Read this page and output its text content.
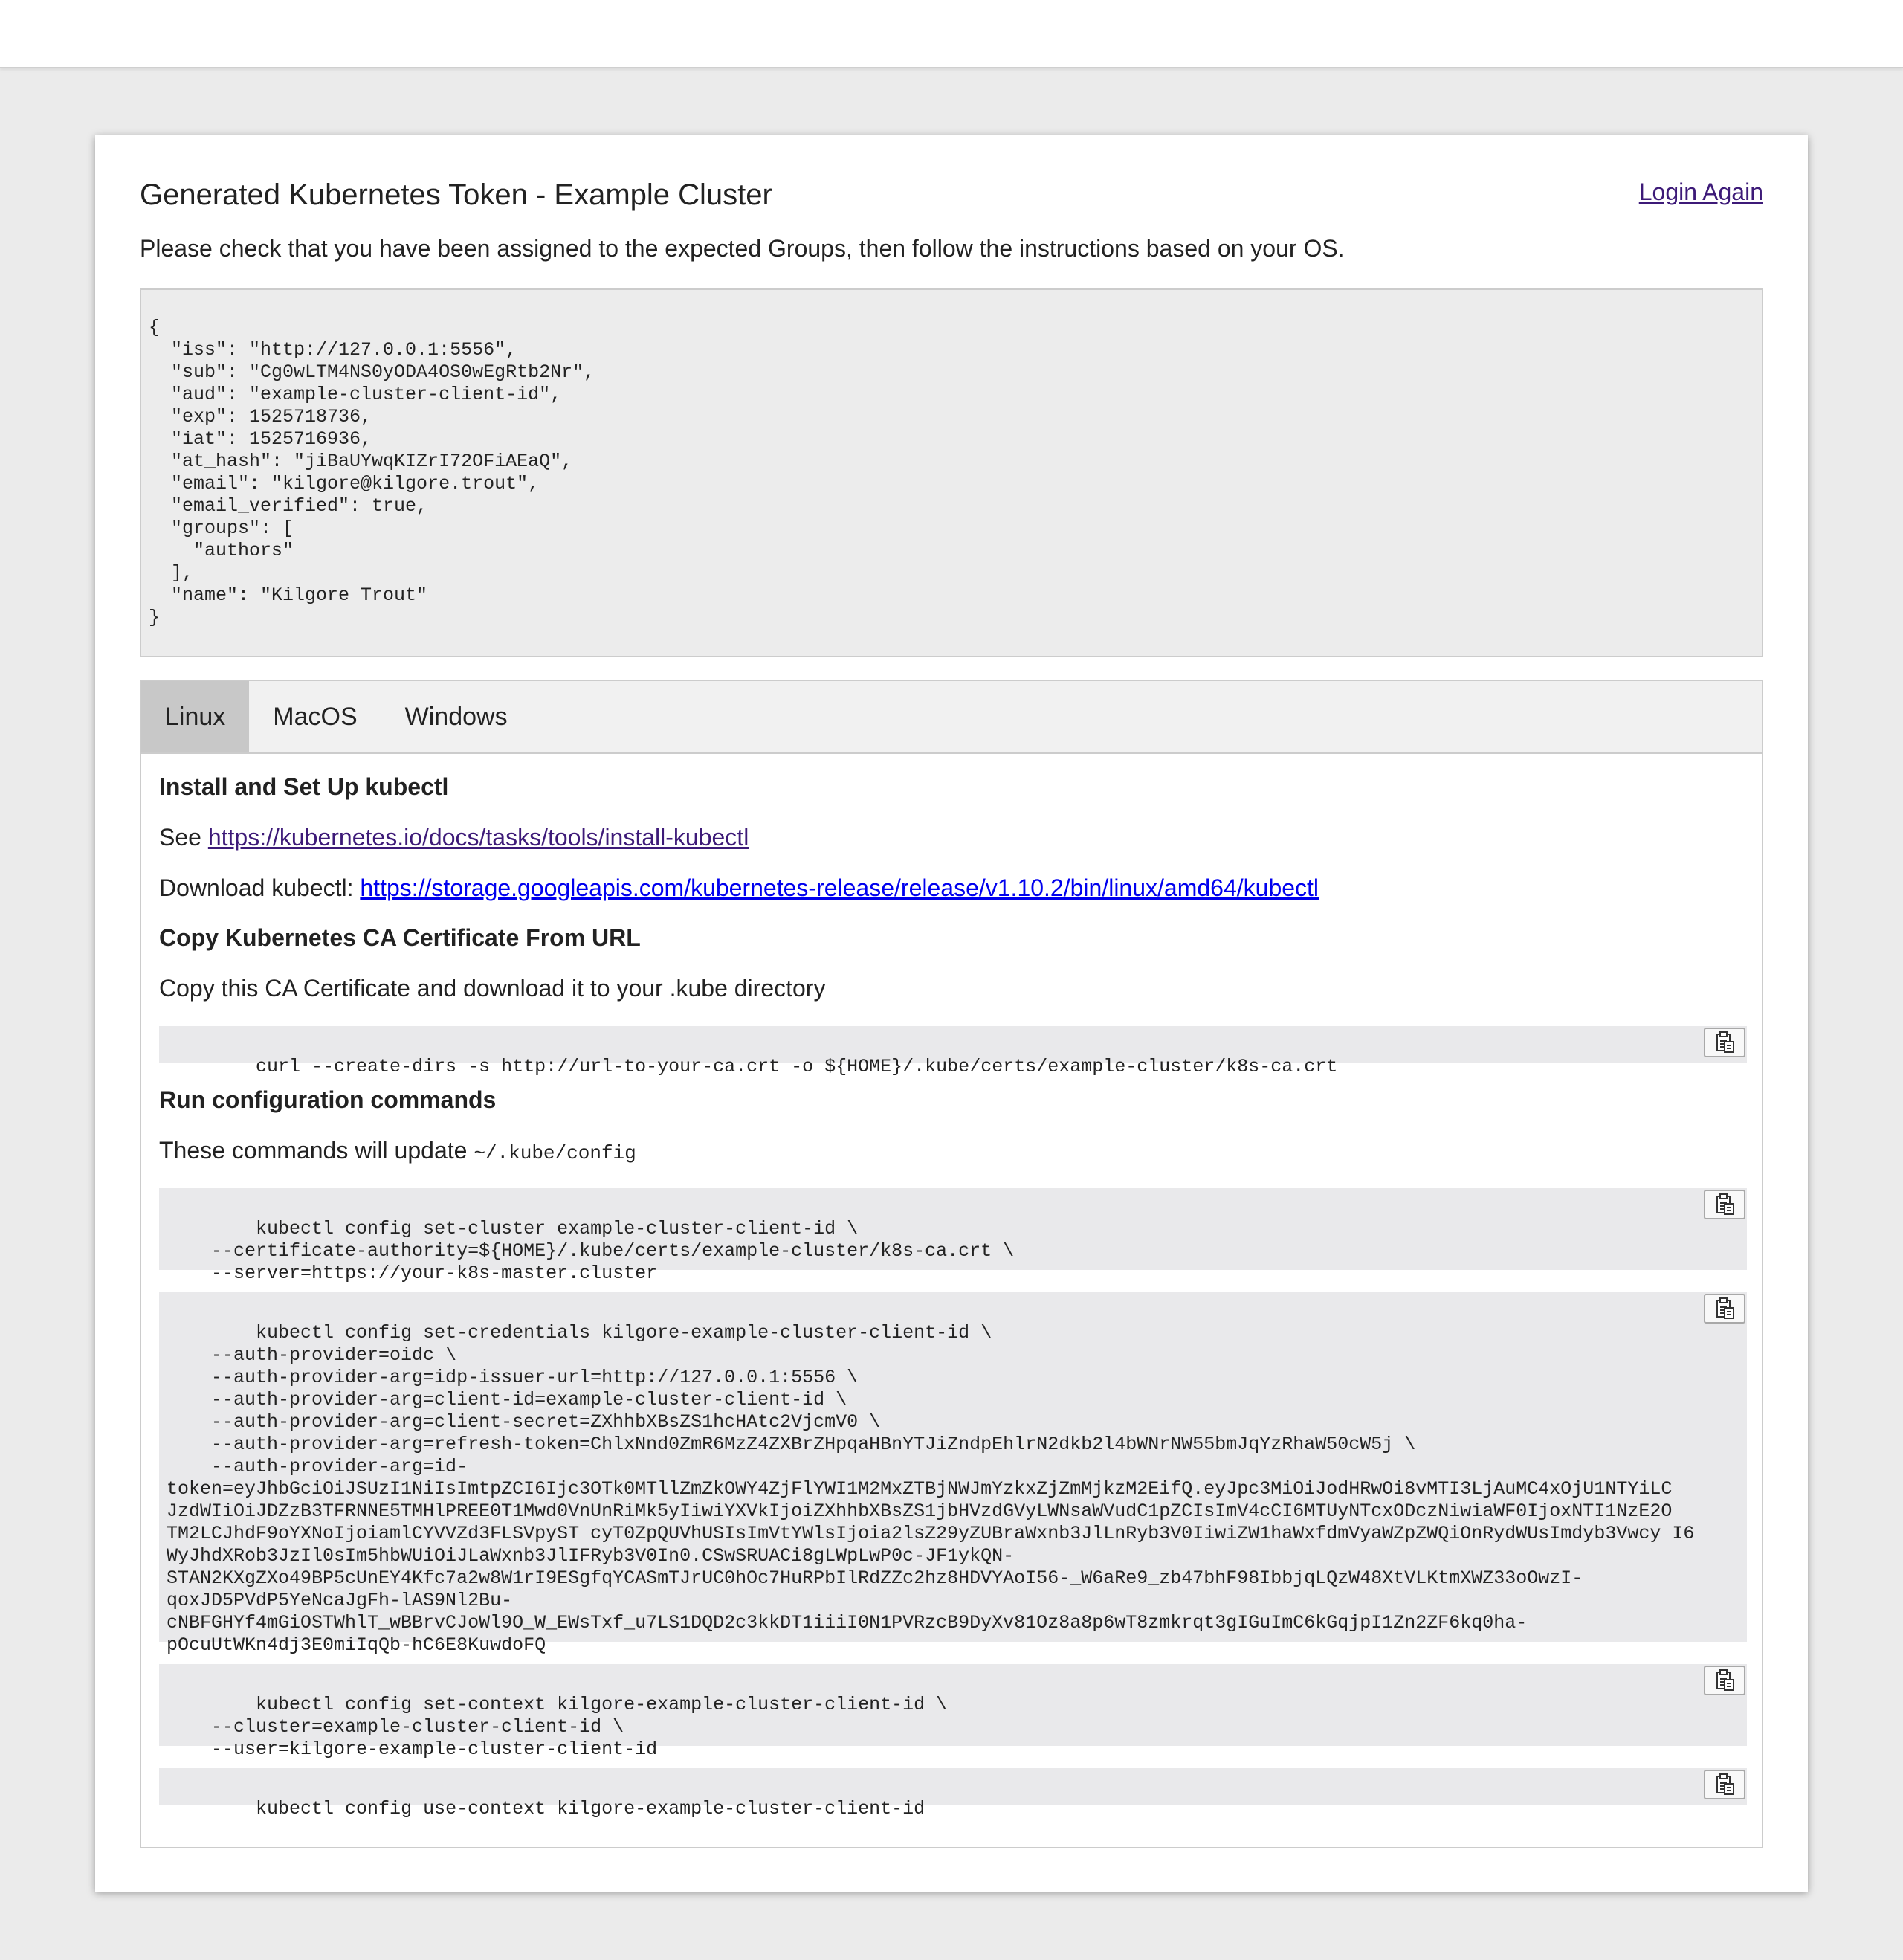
Generated Kubernetes Token - Example Cluster	Login Again

Please check that you have been assigned to the expected Groups, then follow the instructions based on your OS.

{
"iss": "http://127.0.0.1:5556",
"sub": "Cg0wLTM4NS0yODA4OS0wEgRtb2Nr",
"aud": "example-cluster-client-id",
"exp": 1525718736,
"iat": 1525716936,
"at_hash": "jiBaUYwqKIZrI72OFiAEaQ",
"email": "kilgore@kilgore.trout",
"email_verified": true,
"groups": [
"authors"
],
"name": "Kilgore Trout"
}
Linux	MacOS	Windows
Install and Set Up kubectl

See https://kubernetes.io/docs/tasks/tools/install-kubectl

Download kubectl: https://storage.googleapis.com/kubernetes-release/release/v1.10.2/bin/linux/amd64/kubectl

Copy Kubernetes CA Certificate From URL

Copy this CA Certificate and download it to your .kube directory

curl --create-dirs -s http://url-to-your-ca.crt -o ${HOME}/.kube/certs/example-cluster/k8s-ca.crt

Run configuration commands

These commands will update ~/.kube/config

kubectl config set-cluster example-cluster-client-id \
--certificate-authority=${HOME}/.kube/certs/example-cluster/k8s-ca.crt \
--server=https://your-k8s-master.cluster

kubectl config set-credentials kilgore-example-cluster-client-id \
--auth-provider=oidc \
--auth-provider-arg=idp-issuer-url=http://127.0.0.1:5556 \
--auth-provider-arg=client-id=example-cluster-client-id \
--auth-provider-arg=client-secret=ZXhhbXBsZS1hcHAtc2VjcmV0 \
--auth-provider-arg=refresh-token=ChlxNnd0ZmR6MzZ4ZXBrZHpqaHBnYTJiZndpEhlrN2dkb2l4bWNrNW55bmJqYzRhaW50cW5j \
--auth-provider-arg=id-
token=eyJhbGciOiJSUzI1NiIsImtpZCI6Ijc3OTk0MTllZmZkOWY4ZjFlYWI1M2MxZTBjNWJmYzkxZjZmMjkzM2EifQ.eyJpc3MiOiJodHRwOi8vMTI3LjAuMC4xOjU1NTYiLC
JzdWIiOiJDZzB3TFRNNE5TMHlPREE0T1Mwd0VnUnRiMk5yIiwiYXVkIjoiZXhhbXBsZS1jbHVzdGVyLWNsaWVudC1pZCIsImV4cCI6MTUyNTcxODczNiwiaWF0IjoxNTI1NzE2O
TM2LCJhdF9oYXNoIjoiamlCYVVZd3FLSVpyST cyT0ZpQUVhUSIsImVtYWlsIjoia2lsZ29yZUBraWxnb3JlLnRyb3V0IiwiZW1haWxfdmVyaWZpZWQiOnRydWUsImdyb3Vwcy I6
WyJhdXRob3JzIl0sIm5hbWUiOiJLaWxnb3JlIFRyb3V0In0.CSwSRUACi8gLWpLwP0c-JF1ykQN-
STAN2KXgZXo49BP5cUnEY4Kfc7a2w8W1rI9ESgfqYCASmTJrUC0hOc7HuRPbIlRdZZc2hz8HDVYAoI56-_W6aRe9_zb47bhF98IbbjqLQzW48XtVLKtmXWZ33oOwzI-
qoxJD5PVdP5YeNcaJgFh-lAS9Nl2Bu-
cNBFGHYf4mGiOSTWhlT_wBBrvCJoWl9O_W_EWsTxf_u7LS1DQD2c3kkDT1iiiI0N1PVRzcB9DyXv81Oz8a8p6wT8zmkrqt3gIGuImC6kGqjpI1Zn2ZF6kq0ha-
pOcuUtWKn4dj3E0miIqQb-hC6E8KuwdoFQ

kubectl config set-context kilgore-example-cluster-client-id \
--cluster=example-cluster-client-id \
--user=kilgore-example-cluster-client-id

kubectl config use-context kilgore-example-cluster-client-id
